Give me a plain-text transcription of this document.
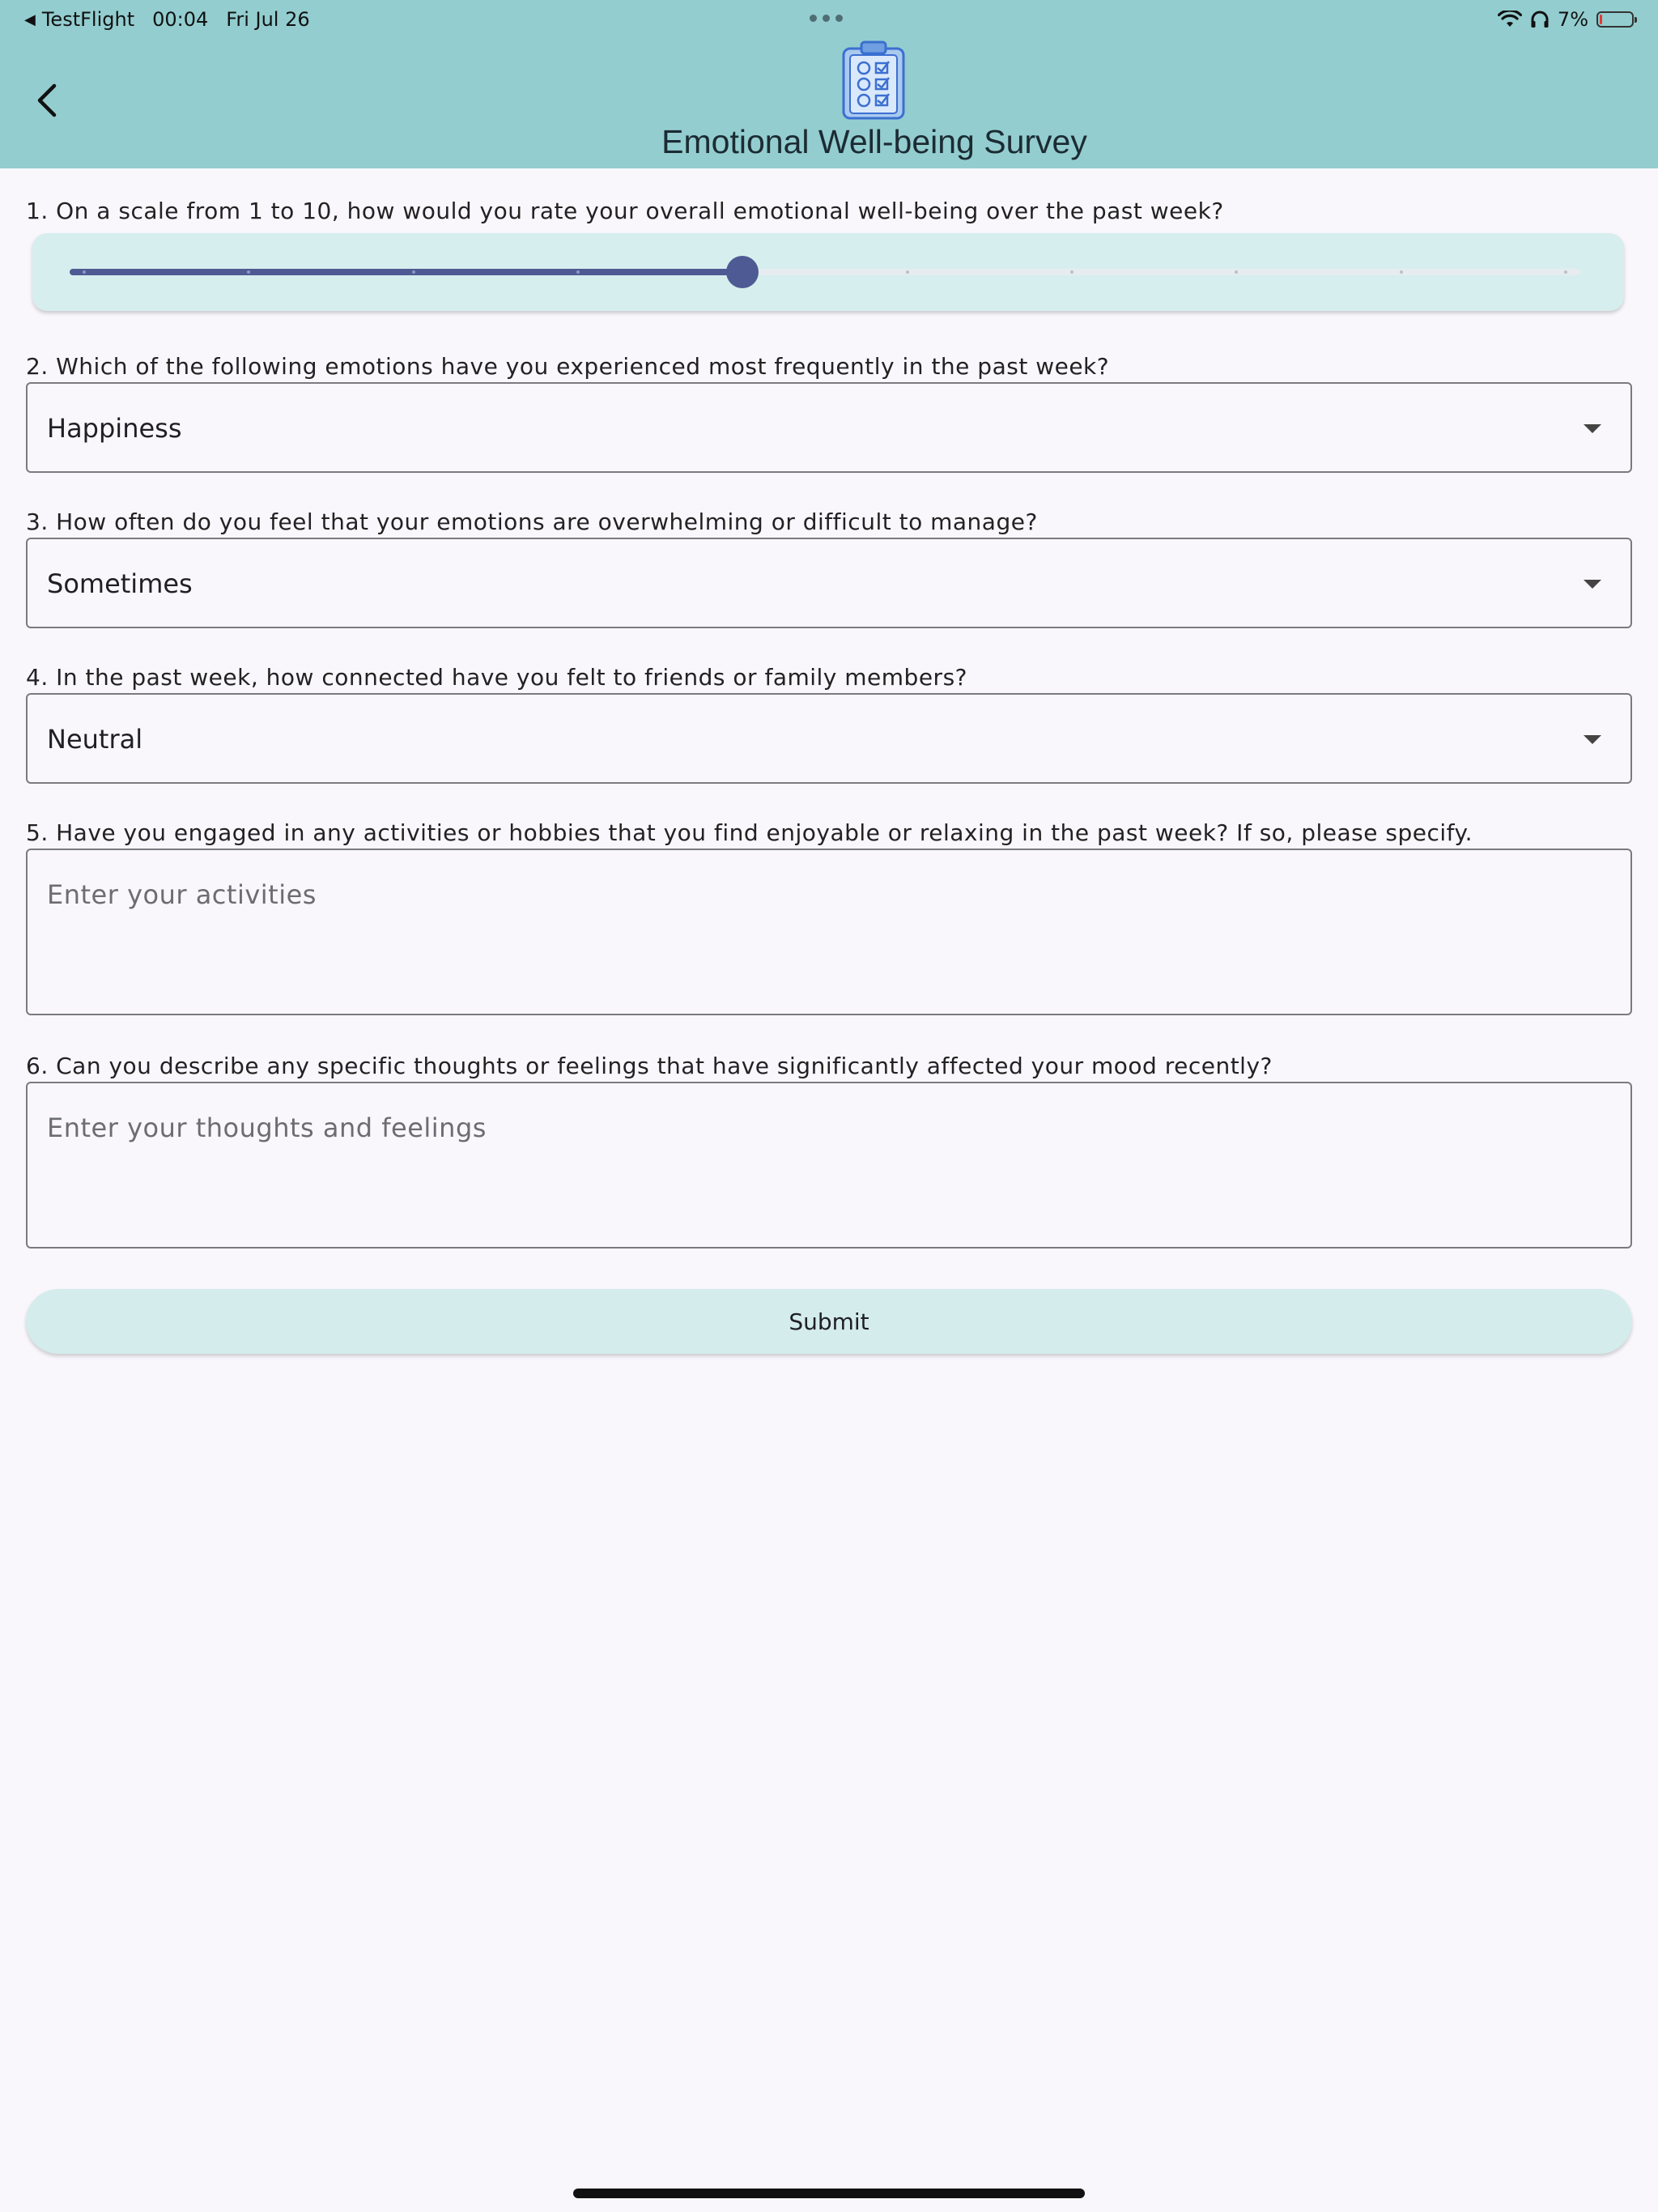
◀ TestFlight 00:04 Fri Jul 26	7%
Emotional Well-being Survey
1. On a scale from 1 to 10, how would you rate your overall emotional well-being over the past week?
2. Which of the following emotions have you experienced most frequently in the past week?
Happiness
3. How often do you feel that your emotions are overwhelming or difficult to manage?
Sometimes
4. In the past week, how connected have you felt to friends or family members?
Neutral
5. Have you engaged in any activities or hobbies that you find enjoyable or relaxing in the past week? If so, please specify.
Enter your activities
6. Can you describe any specific thoughts or feelings that have significantly affected your mood recently?
Enter your thoughts and feelings
Submit
